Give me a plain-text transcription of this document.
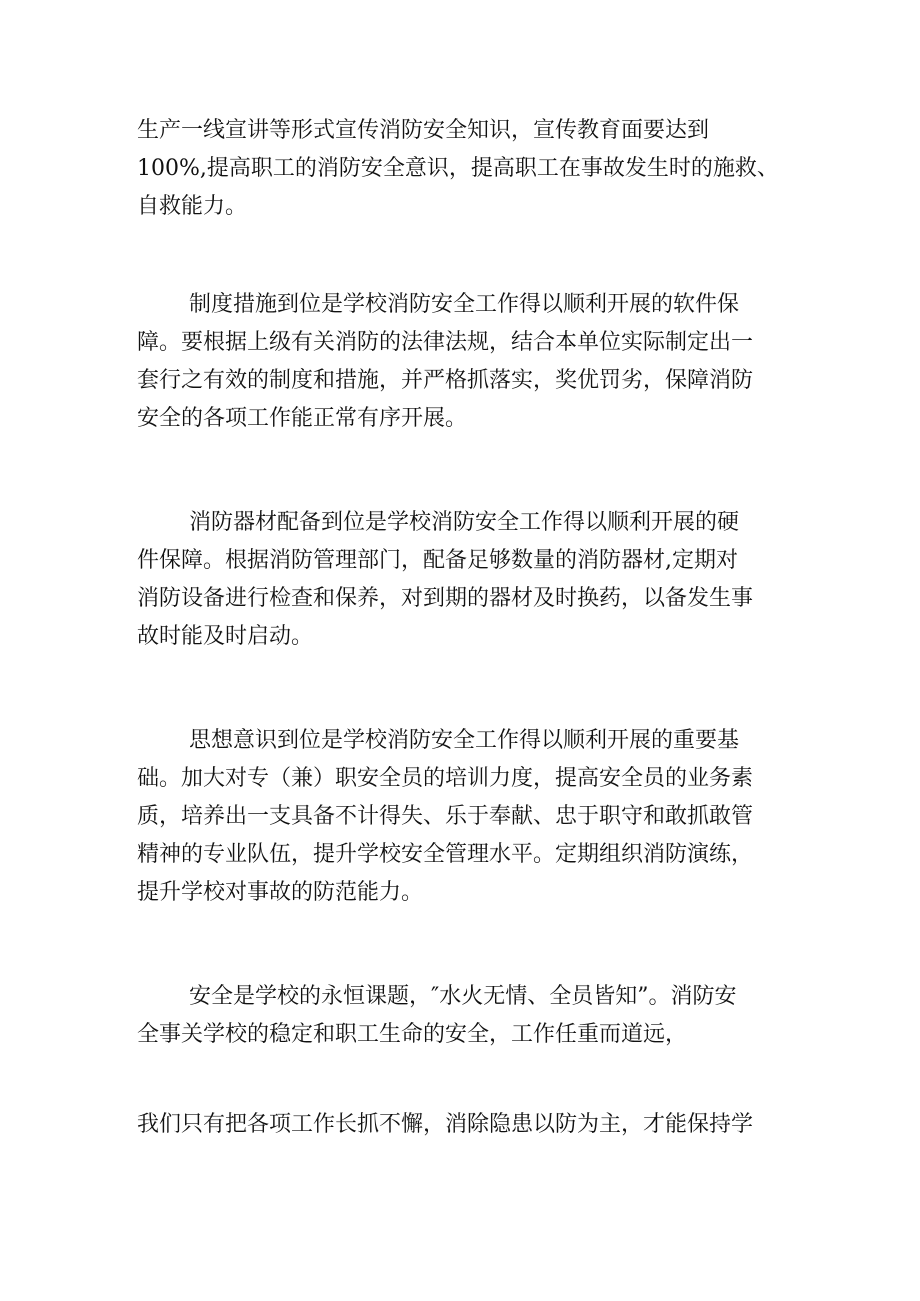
生产一线宣讲等形式宣传消防安全知识，宣传教育面要达到
100%,提高职工的消防安全意识，提高职工在事故发生时的施救、
自救能力。

制度措施到位是学校消防安全工作得以顺利开展的软件保
障。要根据上级有关消防的法律法规，结合本单位实际制定出一
套行之有效的制度和措施，并严格抓落实，奖优罚劣，保障消防
安全的各项工作能正常有序开展。

消防器材配备到位是学校消防安全工作得以顺利开展的硬
件保障。根据消防管理部门，配备足够数量的消防器材,定期对
消防设备进行检查和保养，对到期的器材及时换药，以备发生事
故时能及时启动。

思想意识到位是学校消防安全工作得以顺利开展的重要基
础。加大对专（兼）职安全员的培训力度，提高安全员的业务素
质，培养出一支具备不计得失、乐于奉献、忠于职守和敢抓敢管
精神的专业队伍，提升学校安全管理水平。定期组织消防演练，
提升学校对事故的防范能力。

安全是学校的永恒课题，″水火无情、全员皆知”。消防安
全事关学校的稳定和职工生命的安全，工作任重而道远，

我们只有把各项工作长抓不懈，消除隐患以防为主，才能保持学
